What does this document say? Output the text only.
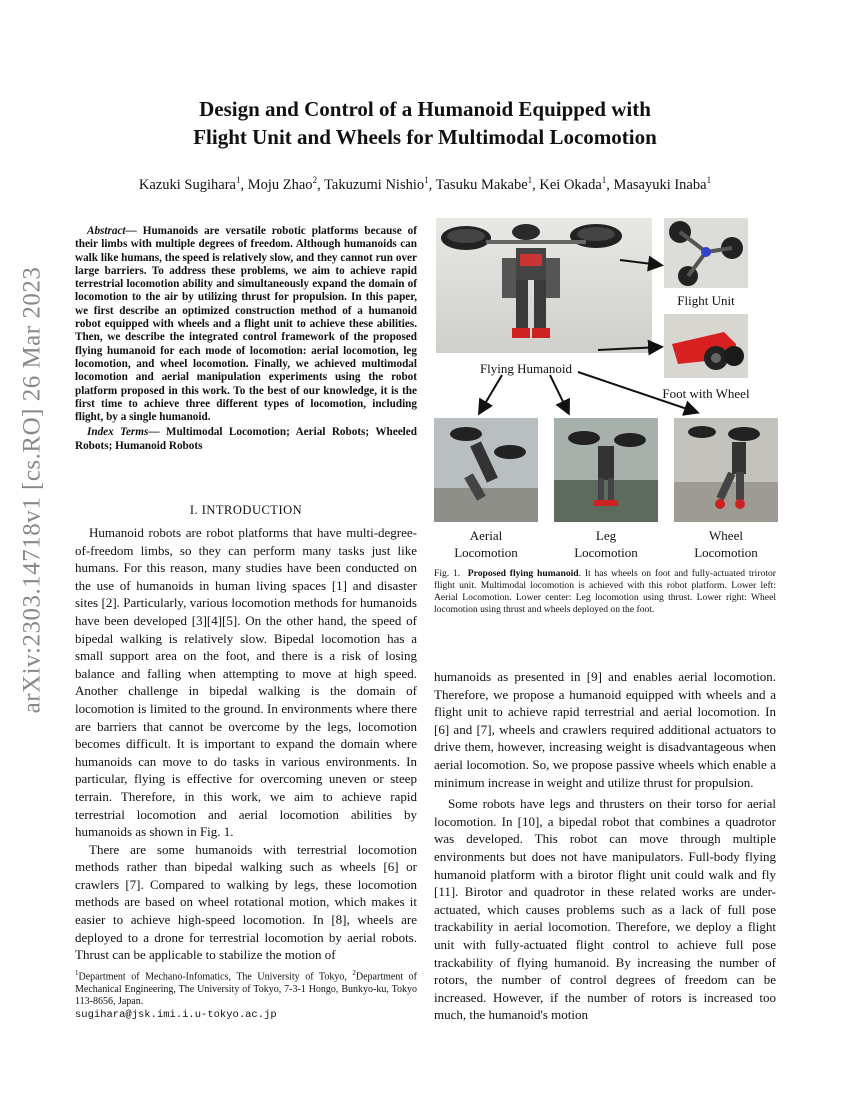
arXiv:2303.14718v1 [cs.RO] 26 Mar 2023
Design and Control of a Humanoid Equipped with
Flight Unit and Wheels for Multimodal Locomotion
Kazuki Sugihara$^1$, Moju Zhao$^2$, Takuzumi Nishio$^1$, Tasuku Makabe$^1$, Kei Okada$^1$, Masayuki Inaba$^1$
Abstract— Humanoids are versatile robotic platforms because of their limbs with multiple degrees of freedom. Although humanoids can walk like humans, the speed is relatively slow, and they cannot run over large barriers. To address these problems, we aim to achieve rapid terrestrial locomotion ability and simultaneously expand the domain of locomotion to the air by utilizing thrust for propulsion. In this paper, we first describe an optimized construction method of a humanoid robot equipped with wheels and a flight unit to achieve these abilities. Then, we describe the integrated control framework of the proposed flying humanoid for each mode of locomotion: aerial locomotion, leg locomotion, and wheel locomotion. Finally, we achieved multimodal locomotion and aerial manipulation experiments using the robot platform proposed in this work. To the best of our knowledge, it is the first time to achieve three different types of locomotion, including flight, by a single humanoid.
Index Terms— Multimodal Locomotion; Aerial Robots; Wheeled Robots; Humanoid Robots
I. INTRODUCTION

Humanoid robots are robot platforms that have multi-degree-of-freedom limbs, so they can perform many tasks just like humans. For this reason, many studies have been conducted on the use of humanoids in human living spaces [1] and disaster sites [2]. Particularly, various locomotion methods for humanoids have been developed [3][4][5]. On the other hand, the speed of bipedal walking is relatively slow. Bipedal locomotion has a small support area on the foot, and there is a risk of losing balance and falling when attempting to move at high speed. Another challenge in bipedal walking is the domain of locomotion is limited to the ground. In environments where there are barriers that cannot be overcome by the legs, locomotion becomes difficult. It is important to expand the domain where humanoids can move to do tasks in various environments. In particular, flying is effective for overcoming uneven or steep terrain. Therefore, in this work, we aim to achieve rapid terrestrial locomotion and aerial locomotion abilities by humanoids as shown in Fig. 1.

There are some humanoids with terrestrial locomotion methods rather than bipedal walking such as wheels [6] or crawlers [7]. Compared to walking by legs, these locomotion methods are based on wheel rotational motion, which makes it easier to achieve high-speed locomotion. In [8], wheels are deployed to a drone for terrestrial locomotion by aerial robots. Thrust can be applicable to stabilize the motion of

$^1$Department of Mechano-Infomatics, The University of Tokyo, $^2$Department of Mechanical Engineering, The University of Tokyo, 7-3-1 Hongo, Bunkyo-ku, Tokyo 113-8656, Japan.
sugihara@jsk.imi.i.u-tokyo.ac.jp
Flight Unit
Foot with Wheel
Flying Humanoid
Aerial
Locomotion
Leg
Locomotion
Wheel
Locomotion
Fig. 1. Proposed flying humanoid. It has wheels on foot and fully-actuated trirotor flight unit. Multimodal locomotion is achieved with this robot platform. Lower left: Aerial Locomotion. Lower center: Leg locomotion using thrust. Lower right: Wheel locomotion using thrust and wheels deployed on the foot.

humanoids as presented in [9] and enables aerial locomotion. Therefore, we propose a humanoid equipped with wheels and a flight unit to achieve rapid terrestrial and aerial locomotion. In [6] and [7], wheels and crawlers required additional actuators to drive them, however, increasing weight is disadvantageous when aerial locomotion. So, we propose passive wheels which enable a minimum increase in weight and utilize thrust for propulsion.

Some robots have legs and thrusters on their torso for aerial locomotion. In [10], a bipedal robot that combines a quadrotor was developed. This robot can move through multiple environments but does not have manipulators. Full-body flying humanoid platform with a birotor flight unit could walk and fly [11]. Birotor and quadrotor in these related works are under-actuated, which causes problems such as a lack of full pose trackability in aerial locomotion. Therefore, we deploy a flight unit with fully-actuated flight control to achieve full pose trackability of flying humanoid. By increasing the number of rotors, the number of control degrees of freedom can be increased. However, if the number of rotors is increased too much, the humanoid's motion
